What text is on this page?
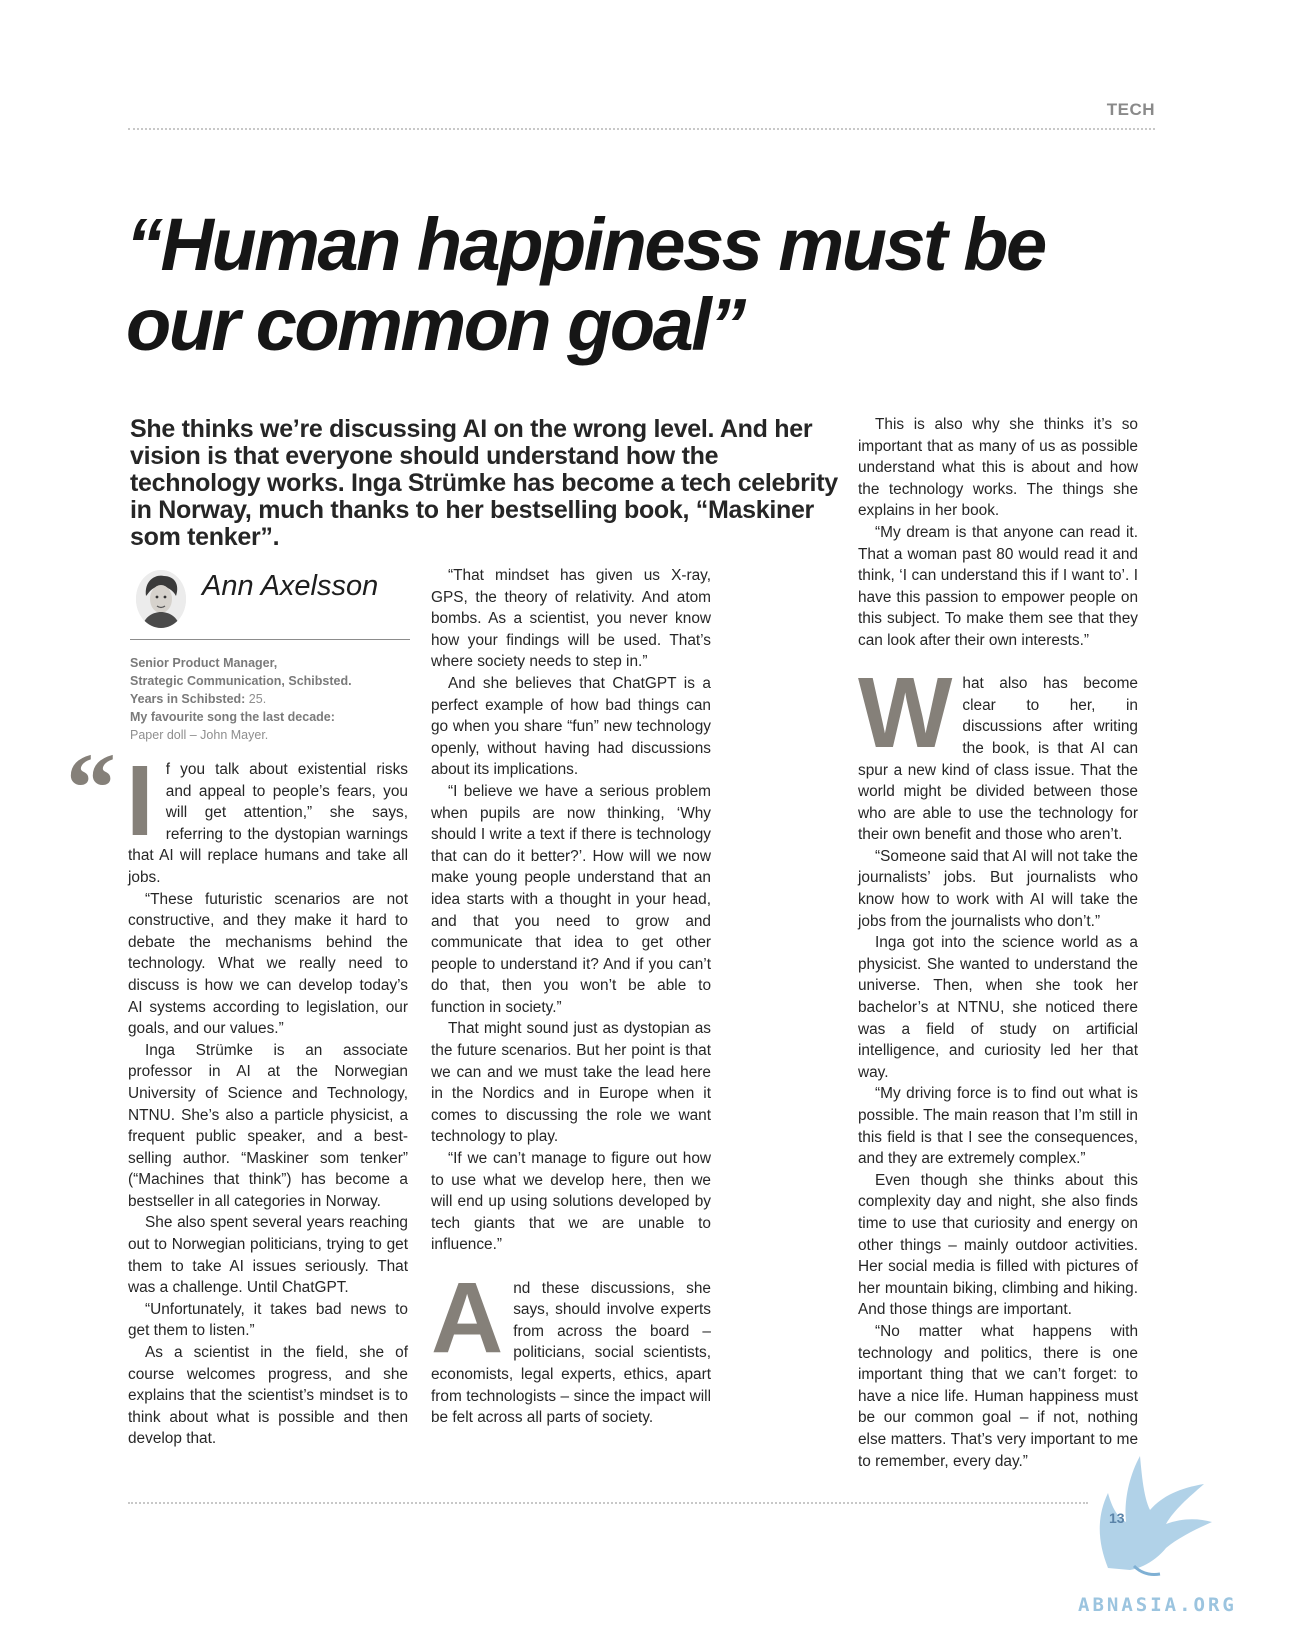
TECH
“Human happiness must be our common goal”

She thinks we’re discussing AI on the wrong level. And her vision is that everyone should understand how the technology works. Inga Strümke has become a tech celebrity in Norway, much thanks to her bestselling book, “Maskiner som tenker”.

Ann Axelsson
Senior Product Manager,
Strategic Communication, Schibsted.
Years in Schibsted: 25.
My favourite song the last decade:
Paper doll – John Mayer.
“ If you talk about existential risks and appeal to people’s fears, you will get attention,” she says, referring to the dystopian warnings that AI will replace humans and take all jobs.

“These futuristic scenarios are not constructive, and they make it hard to debate the mechanisms behind the technology. What we really need to discuss is how we can develop today’s AI systems according to legislation, our goals, and our values.”

Inga Strümke is an associate professor in AI at the Norwegian University of Science and Technology, NTNU. She’s also a particle physicist, a frequent public speaker, and a best-selling author. “Maskiner som tenker” (“Machines that think”) has become a bestseller in all categories in Norway.

She also spent several years reaching out to Norwegian politicians, trying to get them to take AI issues seriously. That was a challenge. Until ChatGPT.

“Unfortunately, it takes bad news to get them to listen.”

As a scientist in the field, she of course welcomes progress, and she explains that the scientist’s mindset is to think about what is possible and then develop that.

“That mindset has given us X-ray, GPS, the theory of relativity. And atom bombs. As a scientist, you never know how your findings will be used. That’s where society needs to step in.”

And she believes that ChatGPT is a perfect example of how bad things can go when you share “fun” new technology openly, without having had discussions about its implications.

“I believe we have a serious problem when pupils are now thinking, ‘Why should I write a text if there is technology that can do it better?’. How will we now make young people understand that an idea starts with a thought in your head, and that you need to grow and communicate that idea to get other people to understand it? And if you can’t do that, then you won’t be able to function in society.”

That might sound just as dystopian as the future scenarios. But her point is that we can and we must take the lead here in the Nordics and in Europe when it comes to discussing the role we want technology to play.

“If we can’t manage to figure out how to use what we develop here, then we will end up using solutions developed by tech giants that we are unable to influence.”

And these discussions, she says, should involve experts from across the board – politicians, social scientists, economists, legal experts, ethics, apart from technologists – since the impact will be felt across all parts of society.

This is also why she thinks it’s so important that as many of us as possible understand what this is about and how the technology works. The things she explains in her book.

“My dream is that anyone can read it. That a woman past 80 would read it and think, ‘I can understand this if I want to’. I have this passion to empower people on this subject. To make them see that they can look after their own interests.”

What also has become clear to her, in discussions after writing the book, is that AI can spur a new kind of class issue. That the world might be divided between those who are able to use the technology for their own benefit and those who aren’t.

“Someone said that AI will not take the journalists’ jobs. But journalists who know how to work with AI will take the jobs from the journalists who don’t.”

Inga got into the science world as a physicist. She wanted to understand the universe. Then, when she took her bachelor’s at NTNU, she noticed there was a field of study on artificial intelligence, and curiosity led her that way.

“My driving force is to find out what is possible. The main reason that I’m still in this field is that I see the consequences, and they are extremely complex.”

Even though she thinks about this complexity day and night, she also finds time to use that curiosity and energy on other things – mainly outdoor activities. Her social media is filled with pictures of her mountain biking, climbing and hiking. And those things are important.

“No matter what happens with technology and politics, there is one important thing that we can’t forget: to have a nice life. Human happiness must be our common goal – if not, nothing else matters. That’s very important to me to remember, every day.”

13
ABNASIA.ORG
